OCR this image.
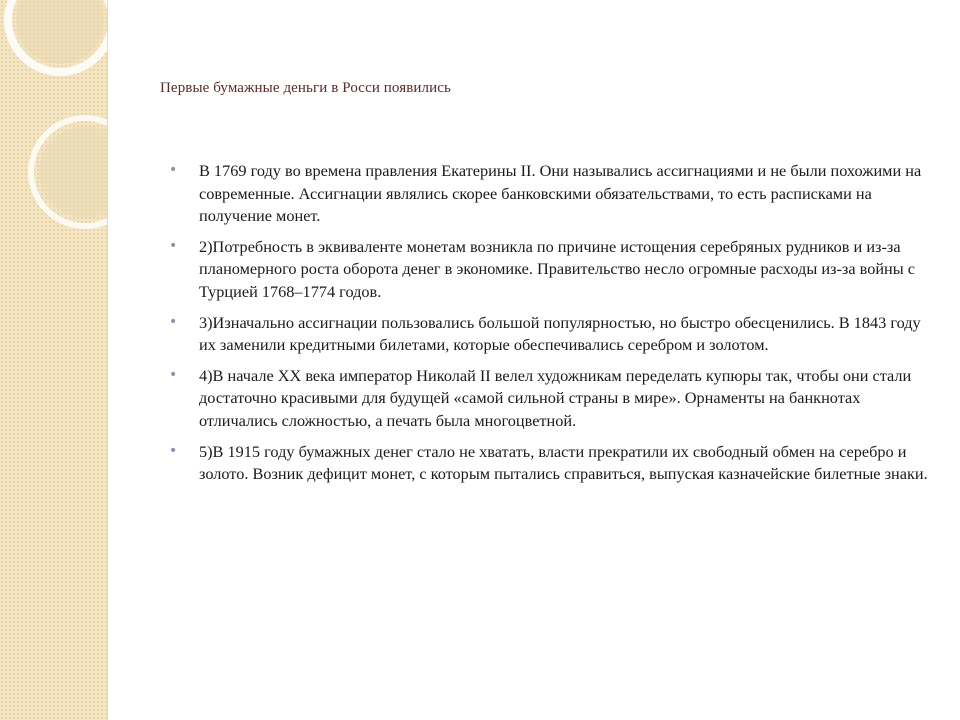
Первые бумажные деньги в Росси появились
• В 1769 году во времена правления Екатерины II. Они назывались ассигнациями и не были похожими на современные. Ассигнации являлись скорее банковскими обязательствами, то есть расписками на получение монет.
• 2)Потребность в эквиваленте монетам возникла по причине истощения серебряных рудников и из-за планомерного роста оборота денег в экономике. Правительство несло огромные расходы из-за войны с Турцией 1768–1774 годов.
• 3)Изначально ассигнации пользовались большой популярностью, но быстро обесценились. В 1843 году их заменили кредитными билетами, которые обеспечивались серебром и золотом.
• 4)В начале XX века император Николай II велел художникам переделать купюры так, чтобы они стали достаточно красивыми для будущей «самой сильной страны в мире». Орнаменты на банкнотах отличались сложностью, а печать была многоцветной.
• 5)В 1915 году бумажных денег стало не хватать, власти прекратили их свободный обмен на серебро и золото. Возник дефицит монет, с которым пытались справиться, выпуская казначейские билетные знаки.
